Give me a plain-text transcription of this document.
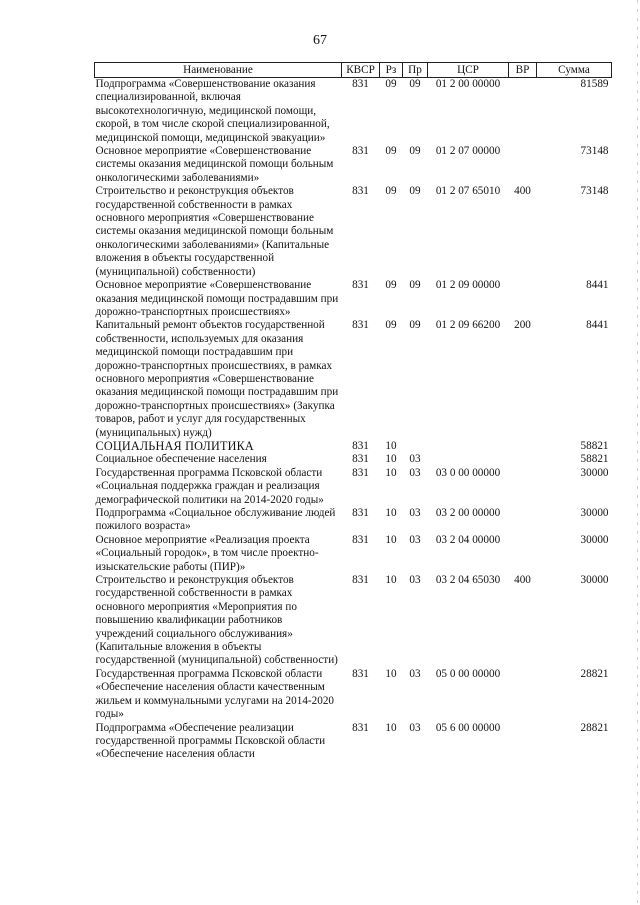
67
Наименование	КВСР	Рз	Пр	ЦСР	ВР	Сумма
Подпрограмма «Совершенствование оказания специализированной, включая высокотехнологичную, медицинской помощи, скорой, в том числе скорой специализированной, медицинской помощи, медицинской эвакуации»	831	09	09	01 2 00 00000		81589
Основное мероприятие «Совершенствование системы оказания медицинской помощи больным онкологическими заболеваниями»	831	09	09	01 2 07 00000		73148
Строительство и реконструкция объектов государственной собственности в рамках основного мероприятия «Совершенствование системы оказания медицинской помощи больным онкологическими заболеваниями» (Капитальные вложения в объекты государственной (муниципальной) собственности)	831	09	09	01 2 07 65010	400	73148
Основное мероприятие «Совершенствование оказания медицинской помощи пострадавшим при дорожно-транспортных происшествиях»	831	09	09	01 2 09 00000		8441
Капитальный ремонт объектов государственной собственности, используемых для оказания медицинской помощи пострадавшим при дорожно-транспортных происшествиях, в рамках основного мероприятия «Совершенствование оказания медицинской помощи пострадавшим при дорожно-транспортных происшествиях» (Закупка товаров, работ и услуг для государственных (муниципальных) нужд)	831	09	09	01 2 09 66200	200	8441
СОЦИАЛЬНАЯ ПОЛИТИКА	831	10				58821
Социальное обеспечение населения	831	10	03			58821
Государственная программа Псковской области «Социальная поддержка граждан и реализация демографической политики на 2014-2020 годы»	831	10	03	03 0 00 00000		30000
Подпрограмма «Социальное обслуживание людей пожилого возраста»	831	10	03	03 2 00 00000		30000
Основное мероприятие «Реализация проекта «Социальный городок», в том числе проектно-изыскательские работы (ПИР)»	831	10	03	03 2 04 00000		30000
Строительство и реконструкция объектов государственной собственности в рамках основного мероприятия «Мероприятия по повышению квалификации работников учреждений социального обслуживания» (Капитальные вложения в объекты государственной (муниципальной) собственности)	831	10	03	03 2 04 65030	400	30000
Государственная программа Псковской области «Обеспечение населения области качественным жильем и коммунальными услугами на 2014-2020 годы»	831	10	03	05 0 00 00000		28821
Подпрограмма «Обеспечение реализации государственной программы Псковской области «Обеспечение населения области	831	10	03	05 6 00 00000		28821
